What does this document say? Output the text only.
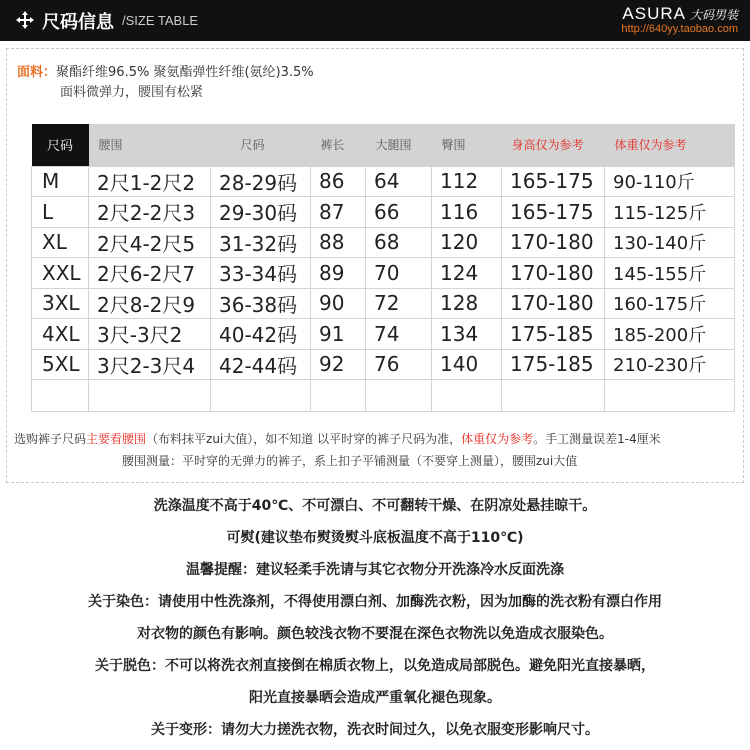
尺码信息 /SIZE TABLE	ASURA 大码男装
http://640yy.taobao.com
面料：聚酯纤维96.5% 聚氨酯弹性纤维(氨纶)3.5%
面料微弹力，腰围有松紧
尺码	腰围	尺码	裤长	大腿围	臀围	身高仅为参考	体重仅为参考
M	2尺1-2尺2	28-29码	86	64	112	165-175	90-110斤
L	2尺2-2尺3	29-30码	87	66	116	165-175	115-125斤
XL	2尺4-2尺5	31-32码	88	68	120	170-180	130-140斤
XXL	2尺6-2尺7	33-34码	89	70	124	170-180	145-155斤
3XL	2尺8-2尺9	36-38码	90	72	128	170-180	160-175斤
4XL	3尺-3尺2	40-42码	91	74	134	175-185	185-200斤
5XL	3尺2-3尺4	42-44码	92	76	140	175-185	210-230斤

选购裤子尺码主要看腰围（布料抹平zui大值），如不知道 以平时穿的裤子尺码为准，体重仅为参考。手工测量误差1-4厘米
腰围测量：平时穿的无弹力的裤子，系上扣子平铺测量（不要穿上测量），腰围zui大值
洗涤温度不高于40℃、不可漂白、不可翻转干燥、在阴凉处悬挂晾干。
可熨(建议垫布熨烫熨斗底板温度不高于110℃)
温馨提醒：建议轻柔手洗请与其它衣物分开洗涤冷水反面洗涤
关于染色：请使用中性洗涤剂，不得使用漂白剂、加酶洗衣粉，因为加酶的洗衣粉有漂白作用
对衣物的颜色有影响。颜色较浅衣物不要混在深色衣物洗以免造成衣服染色。
关于脱色：不可以将洗衣剂直接倒在棉质衣物上，以免造成局部脱色。避免阳光直接暴晒，
阳光直接暴晒会造成严重氧化褪色现象。
关于变形：请勿大力搓洗衣物，洗衣时间过久，以免衣服变形影响尺寸。
